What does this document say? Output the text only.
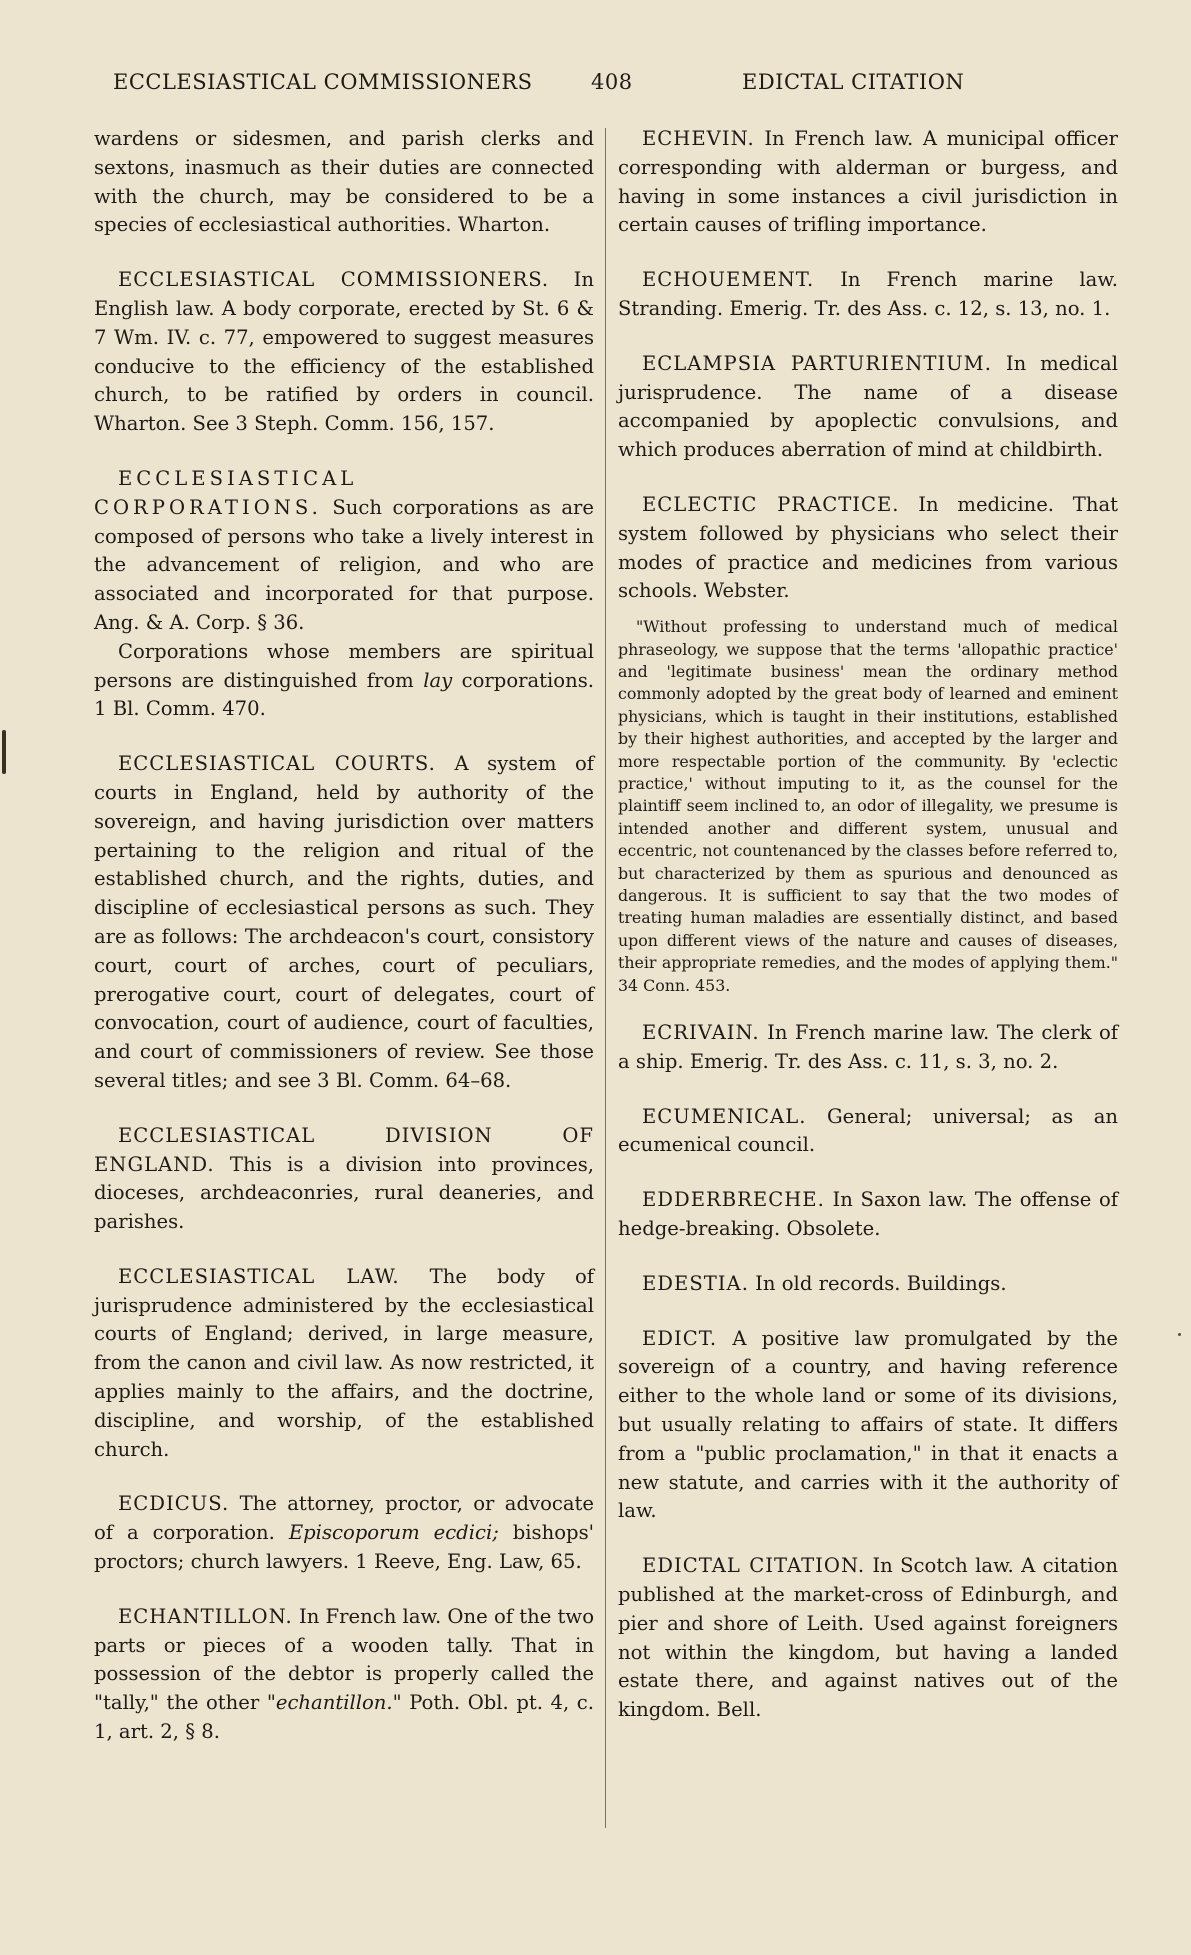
ECCLESIASTICAL COMMISSIONERS	408	EDICTAL CITATION
wardens or sidesmen, and parish clerks and sextons, inasmuch as their duties are connected with the church, may be considered to be a species of ecclesiastical authorities. Wharton.

ECCLESIASTICAL COMMISSIONERS. In English law. A body corporate, erected by St. 6 & 7 Wm. IV. c. 77, empowered to suggest measures conducive to the efficiency of the established church, to be ratified by orders in council. Wharton. See 3 Steph. Comm. 156, 157.

ECCLESIASTICAL CORPORATIONS. Such corporations as are composed of persons who take a lively interest in the advancement of religion, and who are associated and incorporated for that purpose. Ang. & A. Corp. § 36.

Corporations whose members are spiritual persons are distinguished from lay corporations. 1 Bl. Comm. 470.

ECCLESIASTICAL COURTS. A system of courts in England, held by authority of the sovereign, and having jurisdiction over matters pertaining to the religion and ritual of the established church, and the rights, duties, and discipline of ecclesiastical persons as such. They are as follows: The archdeacon's court, consistory court, court of arches, court of peculiars, prerogative court, court of delegates, court of convocation, court of audience, court of faculties, and court of commissioners of review. See those several titles; and see 3 Bl. Comm. 64–68.

ECCLESIASTICAL DIVISION OF ENGLAND. This is a division into provinces, dioceses, archdeaconries, rural deaneries, and parishes.

ECCLESIASTICAL LAW. The body of jurisprudence administered by the ecclesiastical courts of England; derived, in large measure, from the canon and civil law. As now restricted, it applies mainly to the affairs, and the doctrine, discipline, and worship, of the established church.

ECDICUS. The attorney, proctor, or advocate of a corporation. Episcoporum ecdici; bishops' proctors; church lawyers. 1 Reeve, Eng. Law, 65.

ECHANTILLON. In French law. One of the two parts or pieces of a wooden tally. That in possession of the debtor is properly called the "tally," the other "echantillon." Poth. Obl. pt. 4, c. 1, art. 2, § 8.

ECHEVIN. In French law. A municipal officer corresponding with alderman or burgess, and having in some instances a civil jurisdiction in certain causes of trifling importance.

ECHOUEMENT. In French marine law. Stranding. Emerig. Tr. des Ass. c. 12, s. 13, no. 1.

ECLAMPSIA PARTURIENTIUM. In medical jurisprudence. The name of a disease accompanied by apoplectic convulsions, and which produces aberration of mind at childbirth.

ECLECTIC PRACTICE. In medicine. That system followed by physicians who select their modes of practice and medicines from various schools. Webster.

"Without professing to understand much of medical phraseology, we suppose that the terms 'allopathic practice' and 'legitimate business' mean the ordinary method commonly adopted by the great body of learned and eminent physicians, which is taught in their institutions, established by their highest authorities, and accepted by the larger and more respectable portion of the community. By 'eclectic practice,' without imputing to it, as the counsel for the plaintiff seem inclined to, an odor of illegality, we presume is intended another and different system, unusual and eccentric, not countenanced by the classes before referred to, but characterized by them as spurious and denounced as dangerous. It is sufficient to say that the two modes of treating human maladies are essentially distinct, and based upon different views of the nature and causes of diseases, their appropriate remedies, and the modes of applying them." 34 Conn. 453.

ECRIVAIN. In French marine law. The clerk of a ship. Emerig. Tr. des Ass. c. 11, s. 3, no. 2.

ECUMENICAL. General; universal; as an ecumenical council.

EDDERBRECHE. In Saxon law. The offense of hedge-breaking. Obsolete.

EDESTIA. In old records. Buildings.

EDICT. A positive law promulgated by the sovereign of a country, and having reference either to the whole land or some of its divisions, but usually relating to affairs of state. It differs from a "public proclamation," in that it enacts a new statute, and carries with it the authority of law.

EDICTAL CITATION. In Scotch law. A citation published at the market-cross of Edinburgh, and pier and shore of Leith. Used against foreigners not within the kingdom, but having a landed estate there, and against natives out of the kingdom. Bell.
